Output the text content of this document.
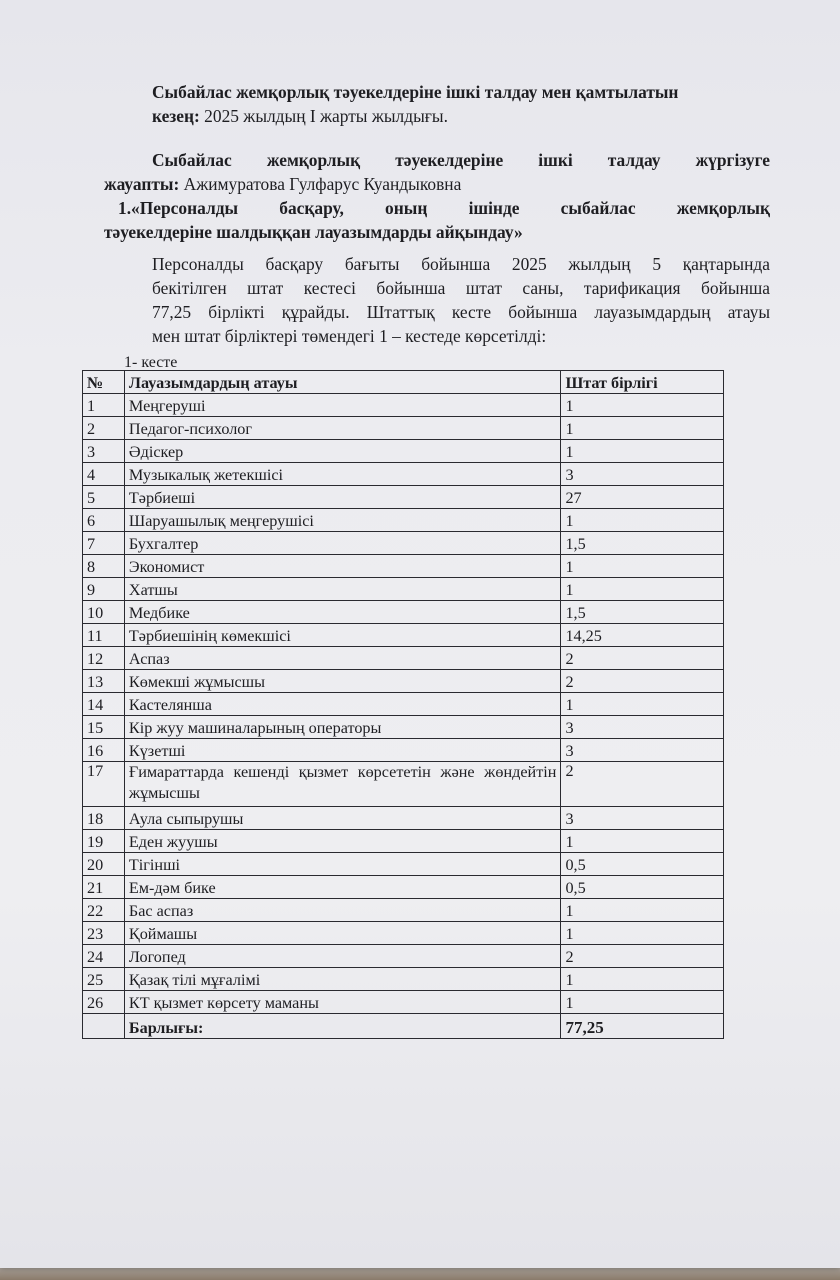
Сыбайлас жемқорлық тәуекелдеріне ішкі талдау мен қамтылатын

кезең: 2025 жылдың I жарты жылдығы.

Сыбайлас жемқорлық тәуекелдеріне ішкі талдау жүргізуге

жауапты: Ажимуратова Гулфарус Куандыковна

1.«Персоналды басқару, оның ішінде сыбайлас жемқорлық

тәуекелдеріне шалдыққан лауазымдарды айқындау»

Персоналды басқару бағыты бойынша 2025 жылдың 5 қаңтарында
бекітілген штат кестесі бойынша штат саны, тарификация бойынша
77,25 бірлікті құрайды. Штаттық кесте бойынша лауазымдардың атауы
мен штат бірліктері төмендегі 1 – кестеде көрсетілді:

1- кесте
№	Лауазымдардың атауы	Штат бірлігі
1	Меңгеруші	1
2	Педагог-психолог	1
3	Әдіскер	1
4	Музыкалық жетекшісі	3
5	Тәрбиеші	27
6	Шаруашылық меңгерушісі	1
7	Бухгалтер	1,5
8	Экономист	1
9	Хатшы	1
10	Медбике	1,5
11	Тәрбиешінің көмекшісі	14,25
12	Аспаз	2
13	Көмекші жұмысшы	2
14	Кастелянша	1
15	Кір жуу машиналарының операторы	3
16	Күзетші	3
17	Ғимараттарда кешенді қызмет көрсететін және жөндейтін жұмысшы	2
18	Аула сыпырушы	3
19	Еден жуушы	1
20	Тігінші	0,5
21	Ем-дәм бике	0,5
22	Бас аспаз	1
23	Қоймашы	1
24	Логопед	2
25	Қазақ тілі мұғалімі	1
26	КТ қызмет көрсету маманы	1
	Барлығы:	77,25
